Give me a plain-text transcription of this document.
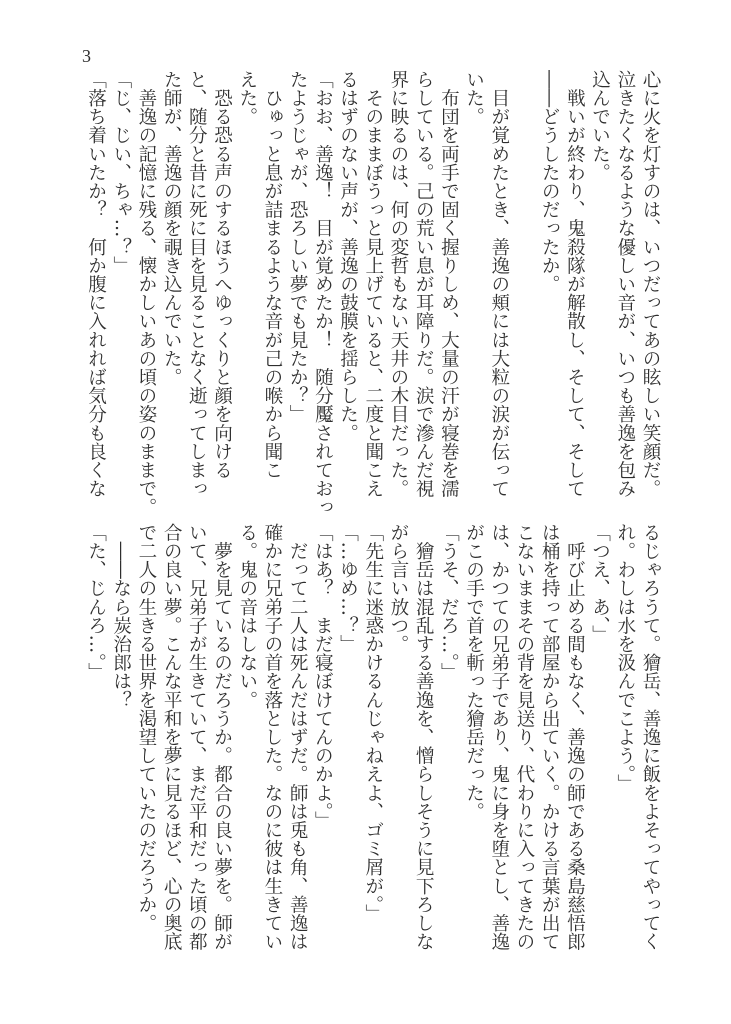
3
心に火を灯すのは、いつだってあの眩しい笑顔だ。
泣きたくなるような優しい音が、いつも善逸を包み
込んでいた。
　戦いが終わり、鬼殺隊が解散し、そして、そして
――どうしたのだったか。
　目が覚めたとき、善逸の頬には大粒の涙が伝って
いた。
　布団を両手で固く握りしめ、大量の汗が寝巻を濡
らしている。己の荒い息が耳障りだ。涙で滲んだ視
界に映るのは、何の変哲もない天井の木目だった。
　そのままぼうっと見上げていると、二度と聞こえ
るはずのない声が、善逸の鼓膜を揺らした。
「おお、善逸！　目が覚めたか！　随分魘されておっ
たようじゃが、恐ろしい夢でも見たか？」
　ひゅっと息が詰まるような音が己の喉から聞こ
えた。
　恐る恐る声のするほうへゆっくりと顔を向ける
と、随分と昔に死に目を見ることなく逝ってしまっ
た師が、善逸の顔を覗き込んでいた。
　善逸の記憶に残る、懐かしいあの頃の姿のままで。
「じ、じい、ちゃ…？」
「落ち着いたか？　何か腹に入れれば気分も良くな
るじゃろうて。獪岳、善逸に飯をよそってやってく
れ。わしは水を汲んでこよう。」
「つえ、あ、」
　呼び止める間もなく、善逸の師である桑島慈悟郎
は桶を持って部屋から出ていく。かける言葉が出て
こないままその背を見送り、代わりに入ってきたの
は、かつての兄弟子であり、鬼に身を堕とし、善逸
がこの手で首を斬った獪岳だった。
「うそ、だろ…。」
　獪岳は混乱する善逸を、憎らしそうに見下ろしな
がら言い放つ。
「先生に迷惑かけるんじゃねえよ、ゴミ屑が。」
「…ゆめ…？」
「はあ？　まだ寝ぼけてんのかよ。」
　だって二人は死んだはずだ。師は兎も角、善逸は
確かに兄弟子の首を落とした。なのに彼は生きてい
る。鬼の音はしない。
　夢を見ているのだろうか。都合の良い夢を。師が
いて、兄弟子が生きていて、まだ平和だった頃の都
合の良い夢。こんな平和を夢に見るほど、心の奥底
で二人の生きる世界を渇望していたのだろうか。
　――なら炭治郎は？
「た、じんろ…。」
